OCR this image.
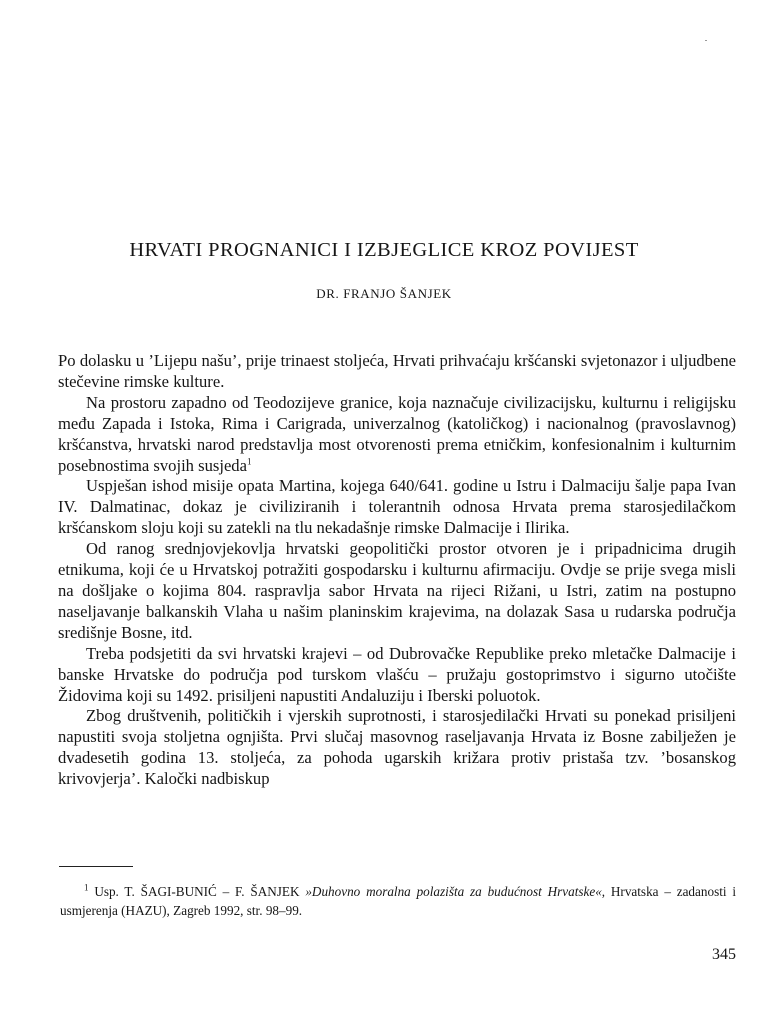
HRVATI PROGNANICI I IZBJEGLICE KROZ POVIJEST
DR. FRANJO ŠANJEK

Po dolasku u ’Lijepu našu’, prije trinaest stoljeća, Hrvati prihvaćaju kršćanski svjetonazor i uljudbene stečevine rimske kulture.

Na prostoru zapadno od Teodozijeve granice, koja naznačuje civilizacijsku, kulturnu i religijsku među Zapada i Istoka, Rima i Carigrada, univerzalnog (katoličkog) i nacionalnog (pravoslavnog) kršćanstva, hrvatski narod predstavlja most otvorenosti prema etničkim, konfesionalnim i kulturnim posebnostima svojih susjeda$^1$

Uspješan ishod misije opata Martina, kojega 640/641. godine u Istru i Dalmaciju šalje papa Ivan IV. Dalmatinac, dokaz je civiliziranih i tolerantnih odnosa Hrvata prema starosjedilačkom kršćanskom sloju koji su zatekli na tlu nekadašnje rimske Dalmacije i Ilirika.

Od ranog srednjovjekovlja hrvatski geopolitički prostor otvoren je i pripadnicima drugih etnikuma, koji će u Hrvatskoj potražiti gospodarsku i kulturnu afirmaciju. Ovdje se prije svega misli na došljake o kojima 804. raspravlja sabor Hrvata na rijeci Rižani, u Istri, zatim na postupno naseljavanje balkanskih Vlaha u našim planinskim krajevima, na dolazak Sasa u rudarska područja središnje Bosne, itd.

Treba podsjetiti da svi hrvatski krajevi – od Dubrovačke Republike preko mletačke Dalmacije i banske Hrvatske do područja pod turskom vlašću – pružaju gostoprimstvo i sigurno utočište Židovima koji su 1492. prisiljeni napustiti Andaluziju i Iberski poluotok.

Zbog društvenih, političkih i vjerskih suprotnosti, i starosjedilački Hrvati su ponekad prisiljeni napustiti svoja stoljetna ognjišta. Prvi slučaj masovnog raseljavanja Hrvata iz Bosne zabilježen je dvadesetih godina 13. stoljeća, za pohoda ugarskih križara protiv pristaša tzv. ’bosanskog krivovjerja’. Kaločki nadbiskup

$^1$ Usp. T. ŠAGI-BUNIĆ – F. ŠANJEK »Duhovno moralna polazišta za budućnost Hrvatske«, Hrvatska – zadanosti i usmjerenja (HAZU), Zagreb 1992, str. 98–99.

345
